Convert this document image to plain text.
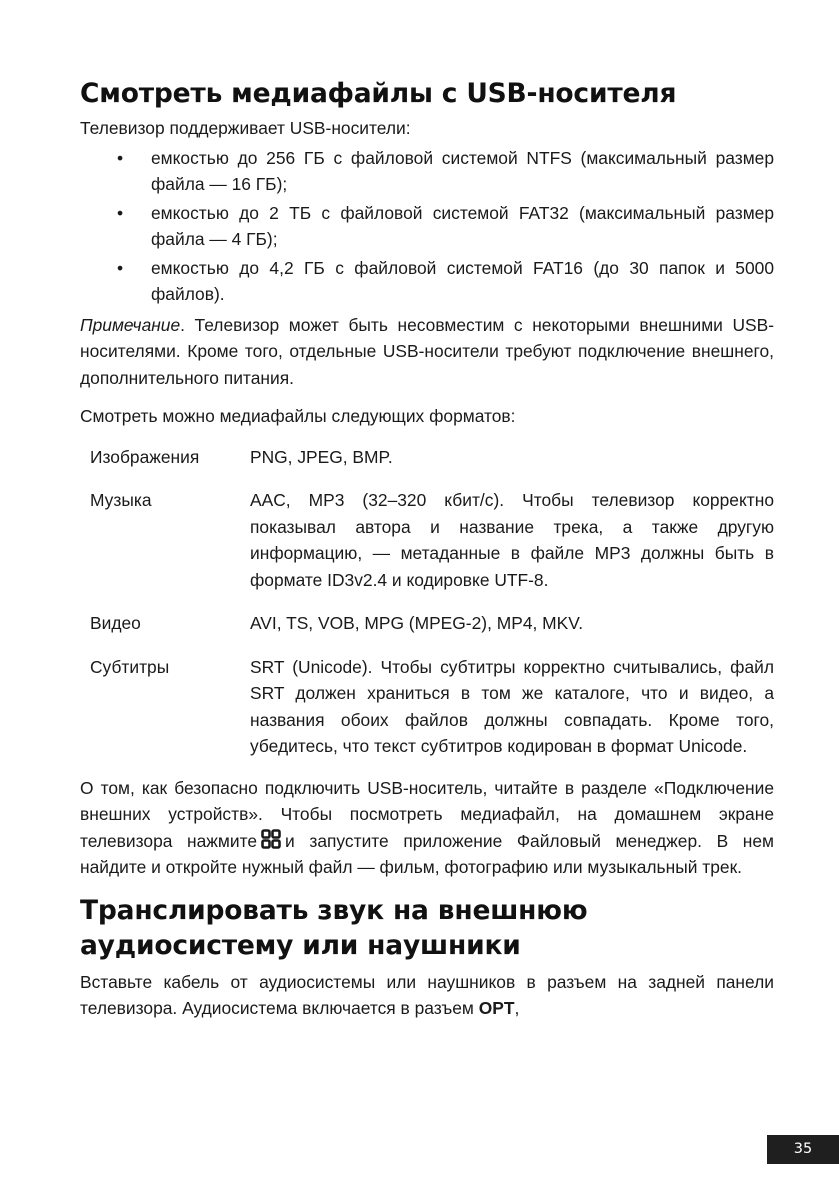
Смотреть медиафайлы с USB-носителя

Телевизор поддерживает USB-носители:

• емкостью до 256 ГБ с файловой системой NTFS (максимальный размер файла — 16 ГБ);
• емкостью до 2 ТБ с файловой системой FAT32 (максимальный размер файла — 4 ГБ);
• емкостью до 4,2 ГБ с файловой системой FAT16 (до 30 папок и 5000 файлов).

Примечание. Телевизор может быть несовместим с некоторыми внешними USB-носителями. Кроме того, отдельные USB-носители требуют подключение внешнего, дополнительного питания.

Смотреть можно медиафайлы следующих форматов:

Изображения	PNG, JPEG, BMP.
Музыка	AAC, MP3 (32–320 кбит/с). Чтобы телевизор корректно показывал автора и название трека, а также другую информацию, — метаданные в файле MP3 должны быть в формате ID3v2.4 и кодировке UTF-8.
Видео	AVI, TS, VOB, MPG (MPEG-2), MP4, MKV.
Субтитры	SRT (Unicode). Чтобы субтитры корректно считывались, файл SRT должен храниться в том же каталоге, что и видео, а названия обоих файлов должны совпадать. Кроме того, убедитесь, что текст субтитров кодирован в формат Unicode.

О том, как безопасно подключить USB-носитель, читайте в разделе «Подключение внешних устройств». Чтобы посмотреть медиафайл, на домашнем экране телевизора нажмите и запустите приложение Файловый менеджер. В нем найдите и откройте нужный файл — фильм, фотографию или музыкальный трек.

Транслировать звук на внешнюю аудиосистему или наушники

Вставьте кабель от аудиосистемы или наушников в разъем на задней панели телевизора. Аудиосистема включается в разъем OPT,

35
